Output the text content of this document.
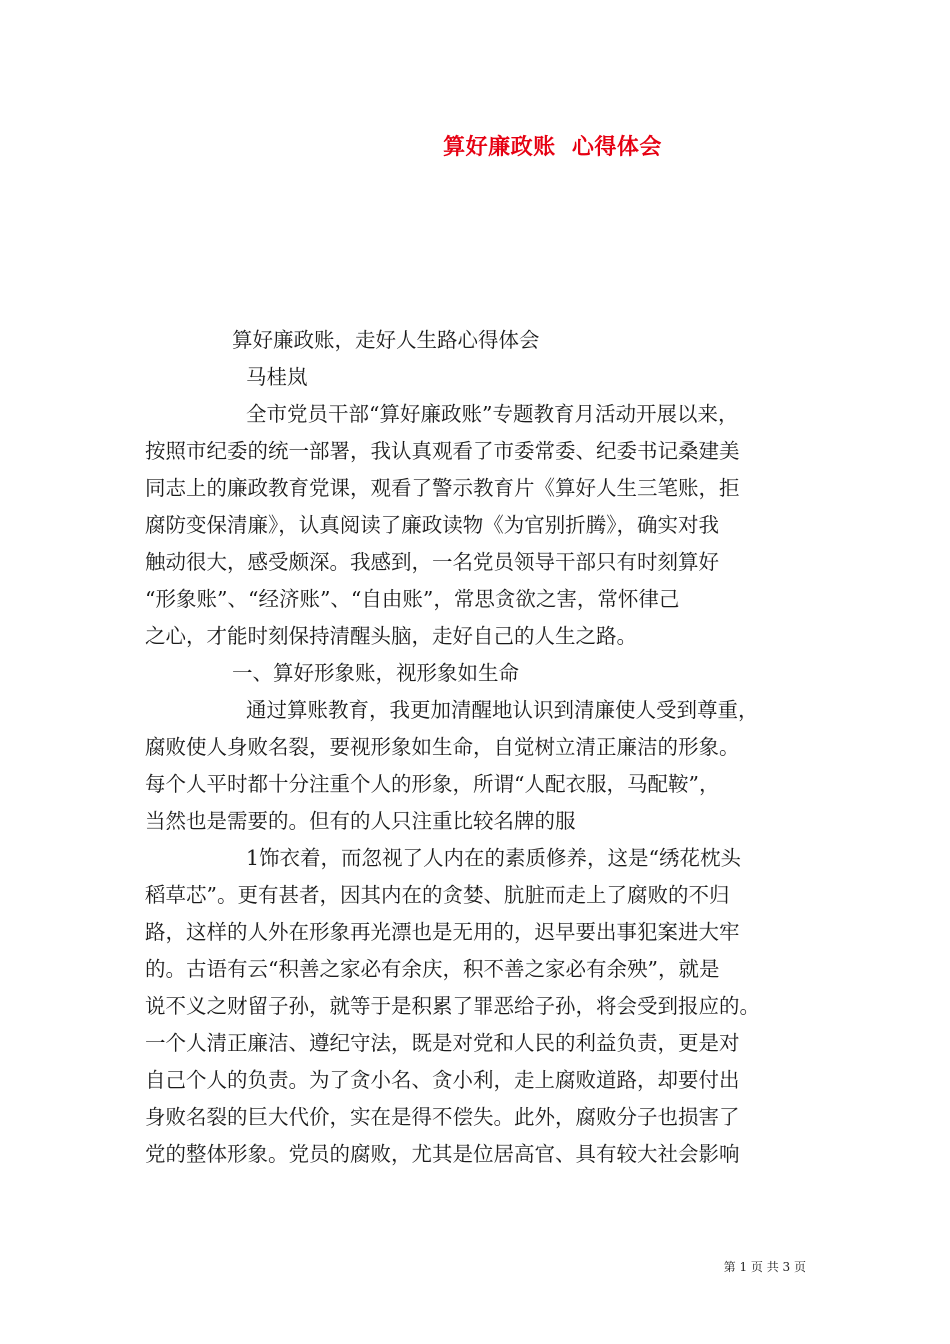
算好廉政账  心得体会
算好廉政账，走好人生路心得体会
马桂岚
全市党员干部“算好廉政账”专题教育月活动开展以来，
按照市纪委的统一部署，我认真观看了市委常委、纪委书记桑建美
同志上的廉政教育党课，观看了警示教育片《算好人生三笔账，拒
腐防变保清廉》，认真阅读了廉政读物《为官别折腾》，确实对我
触动很大，感受颇深。我感到，一名党员领导干部只有时刻算好
“形象账”、“经济账”、“自由账”，常思贪欲之害，常怀律己
之心，才能时刻保持清醒头脑，走好自己的人生之路。
一、算好形象账，视形象如生命
通过算账教育，我更加清醒地认识到清廉使人受到尊重，
腐败使人身败名裂，要视形象如生命，自觉树立清正廉洁的形象。
每个人平时都十分注重个人的形象，所谓“人配衣服，马配鞍”，
当然也是需要的。但有的人只注重比较名牌的服
1饰衣着，而忽视了人内在的素质修养，这是“绣花枕头
稻草芯”。更有甚者，因其内在的贪婪、肮脏而走上了腐败的不归
路，这样的人外在形象再光漂也是无用的，迟早要出事犯案进大牢
的。古语有云“积善之家必有余庆，积不善之家必有余殃”，就是
说不义之财留子孙，就等于是积累了罪恶给子孙，将会受到报应的。
一个人清正廉洁、遵纪守法，既是对党和人民的利益负责，更是对
自己个人的负责。为了贪小名、贪小利，走上腐败道路，却要付出
身败名裂的巨大代价，实在是得不偿失。此外，腐败分子也损害了
党的整体形象。党员的腐败，尤其是位居高官、具有较大社会影响
第 1 页 共 3 页
